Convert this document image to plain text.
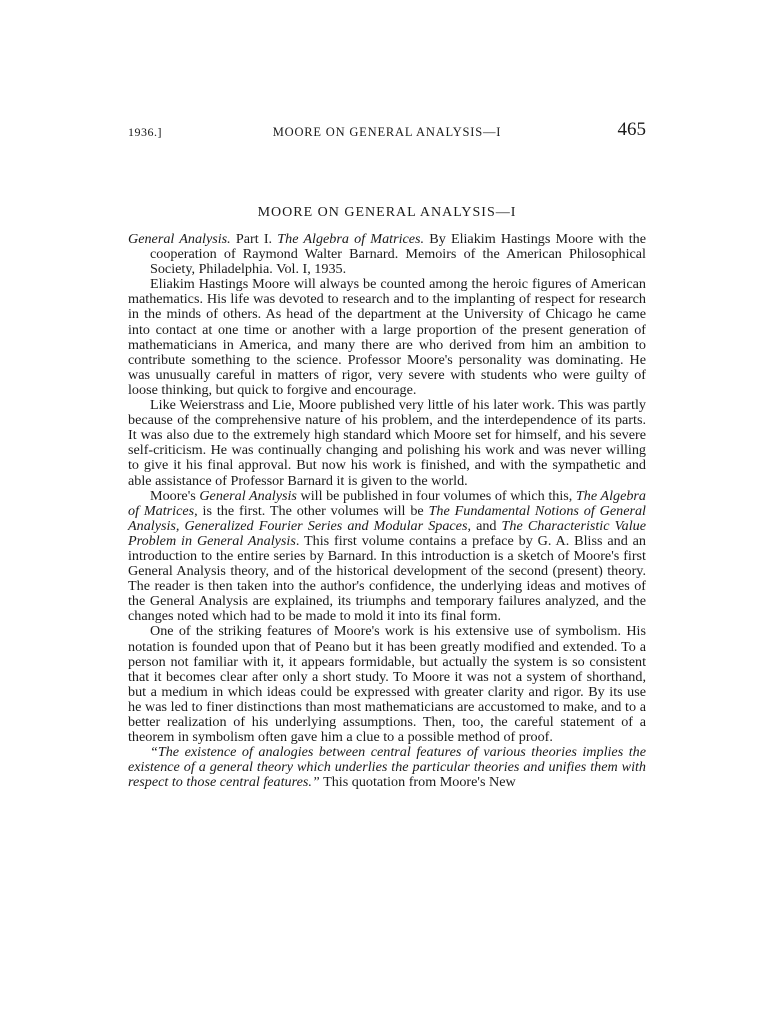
1936.]	MOORE ON GENERAL ANALYSIS—I	465
MOORE ON GENERAL ANALYSIS—I

General Analysis. Part I. The Algebra of Matrices. By Eliakim Hastings Moore with the cooperation of Raymond Walter Barnard. Memoirs of the American Philosophical Society, Philadelphia. Vol. I, 1935.

Eliakim Hastings Moore will always be counted among the heroic figures of American mathematics. His life was devoted to research and to the implanting of respect for research in the minds of others. As head of the department at the University of Chicago he came into contact at one time or another with a large proportion of the present generation of mathematicians in America, and many there are who derived from him an ambition to contribute something to the science. Professor Moore's personality was dominating. He was unusually careful in matters of rigor, very severe with students who were guilty of loose thinking, but quick to forgive and encourage.

Like Weierstrass and Lie, Moore published very little of his later work. This was partly because of the comprehensive nature of his problem, and the interdependence of its parts. It was also due to the extremely high standard which Moore set for himself, and his severe self-criticism. He was continually changing and polishing his work and was never willing to give it his final approval. But now his work is finished, and with the sympathetic and able assistance of Professor Barnard it is given to the world.

Moore's General Analysis will be published in four volumes of which this, The Algebra of Matrices, is the first. The other volumes will be The Fundamental Notions of General Analysis, Generalized Fourier Series and Modular Spaces, and The Characteristic Value Problem in General Analysis. This first volume contains a preface by G. A. Bliss and an introduction to the entire series by Barnard. In this introduction is a sketch of Moore's first General Analysis theory, and of the historical development of the second (present) theory. The reader is then taken into the author's confidence, the underlying ideas and motives of the General Analysis are explained, its triumphs and temporary failures analyzed, and the changes noted which had to be made to mold it into its final form.

One of the striking features of Moore's work is his extensive use of symbolism. His notation is founded upon that of Peano but it has been greatly modified and extended. To a person not familiar with it, it appears formidable, but actually the system is so consistent that it becomes clear after only a short study. To Moore it was not a system of shorthand, but a medium in which ideas could be expressed with greater clarity and rigor. By its use he was led to finer distinctions than most mathematicians are accustomed to make, and to a better realization of his underlying assumptions. Then, too, the careful statement of a theorem in symbolism often gave him a clue to a possible method of proof.

“The existence of analogies between central features of various theories implies the existence of a general theory which underlies the particular theories and unifies them with respect to those central features.” This quotation from Moore's New
